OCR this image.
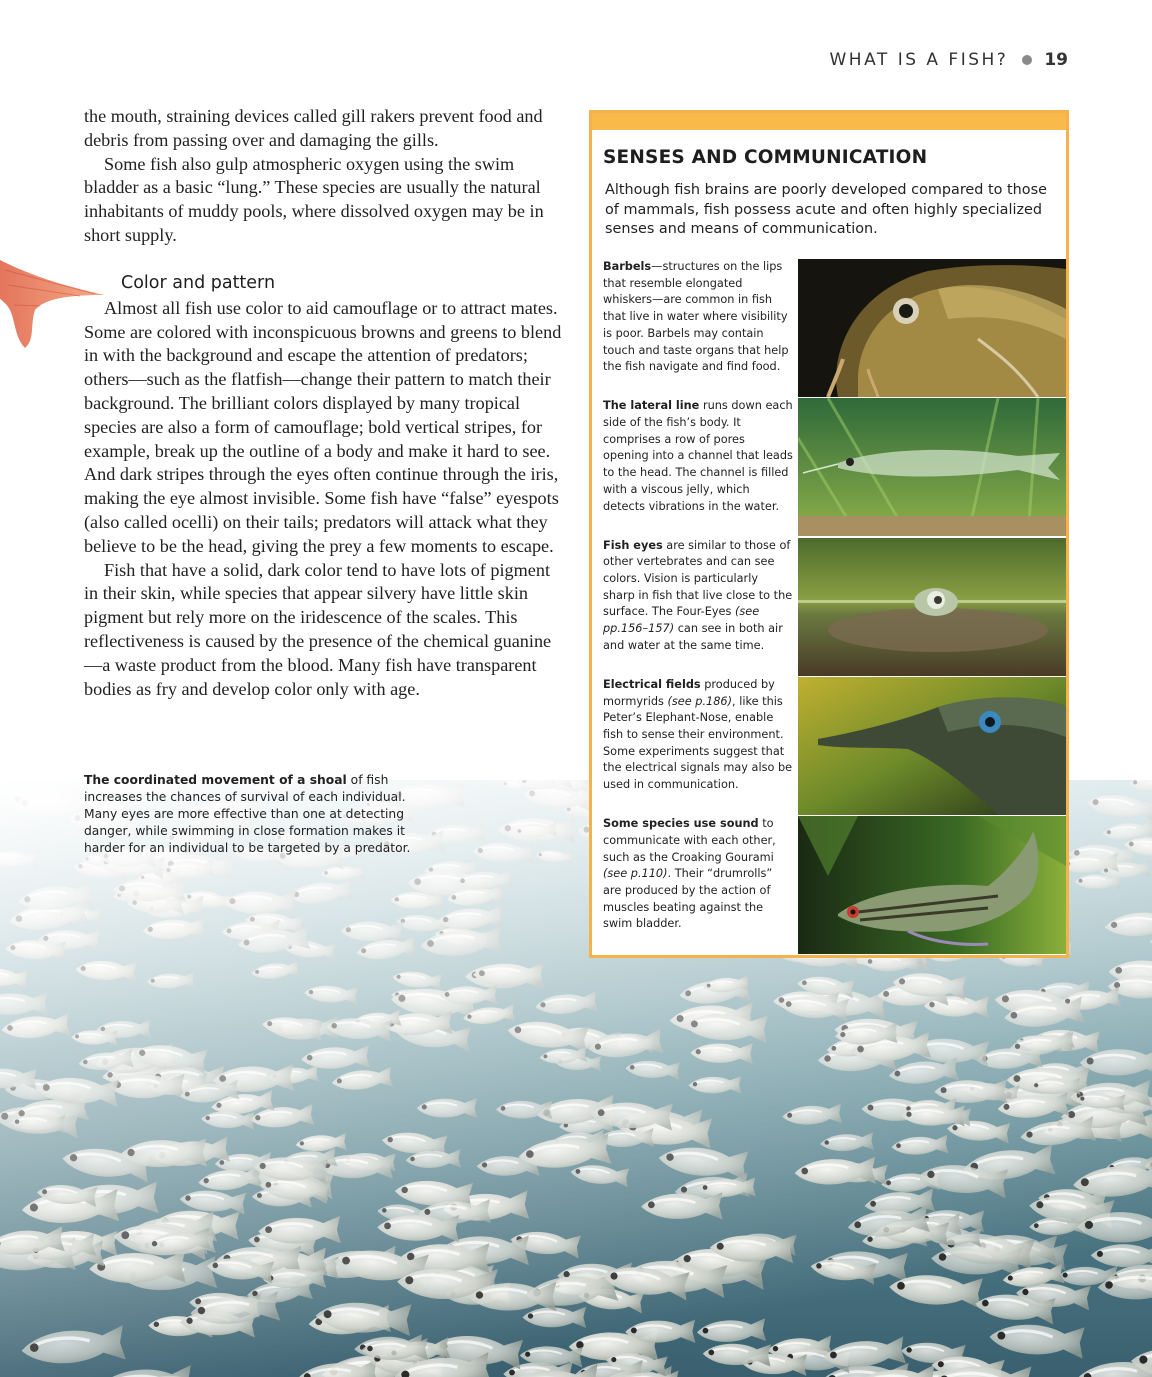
WHAT IS A FISH? 19

the mouth, straining devices called gill rakers prevent food and debris from passing over and damaging the gills.

Some fish also gulp atmospheric oxygen using the swim bladder as a basic “lung.” These species are usually the natural inhabitants of muddy pools, where dissolved oxygen may be in short supply.

Color and pattern

Almost all fish use color to aid camouflage or to attract mates. Some are colored with inconspicuous browns and greens to blend in with the background and escape the attention of predators; others—such as the flatfish—change their pattern to match their background. The brilliant colors displayed by many tropical species are also a form of camouflage; bold vertical stripes, for example, break up the outline of a body and make it hard to see. And dark stripes through the eyes often continue through the iris, making the eye almost invisible. Some fish have “false” eyespots (also called ocelli) on their tails; predators will attack what they believe to be the head, giving the prey a few moments to escape.

Fish that have a solid, dark color tend to have lots of pigment in their skin, while species that appear silvery have little skin pigment but rely more on the iridescence of the scales. This reflectiveness is caused by the presence of the chemical guanine—a waste product from the blood. Many fish have transparent bodies as fry and develop color only with age.

The coordinated movement of a shoal of fish increases the chances of survival of each individual. Many eyes are more effective than one at detecting danger, while swimming in close formation makes it harder for an individual to be targeted by a predator.
SENSES AND COMMUNICATION
Although fish brains are poorly developed compared to those of mammals, fish possess acute and often highly specialized senses and means of communication.
Barbels—structures on the lips that resemble elongated whiskers—are common in fish that live in water where visibility is poor. Barbels may contain touch and taste organs that help the fish navigate and find food.
The lateral line runs down each side of the fish’s body. It comprises a row of pores opening into a channel that leads to the head. The channel is filled with a viscous jelly, which detects vibrations in the water.
Fish eyes are similar to those of other vertebrates and can see colors. Vision is particularly sharp in fish that live close to the surface. The Four-Eyes (see pp.156–157) can see in both air and water at the same time.
Electrical fields produced by mormyrids (see p.186), like this Peter’s Elephant-Nose, enable fish to sense their environment. Some experiments suggest that the electrical signals may also be used in communication.
Some species use sound to communicate with each other, such as the Croaking Gourami (see p.110). Their “drumrolls” are produced by the action of muscles beating against the swim bladder.
